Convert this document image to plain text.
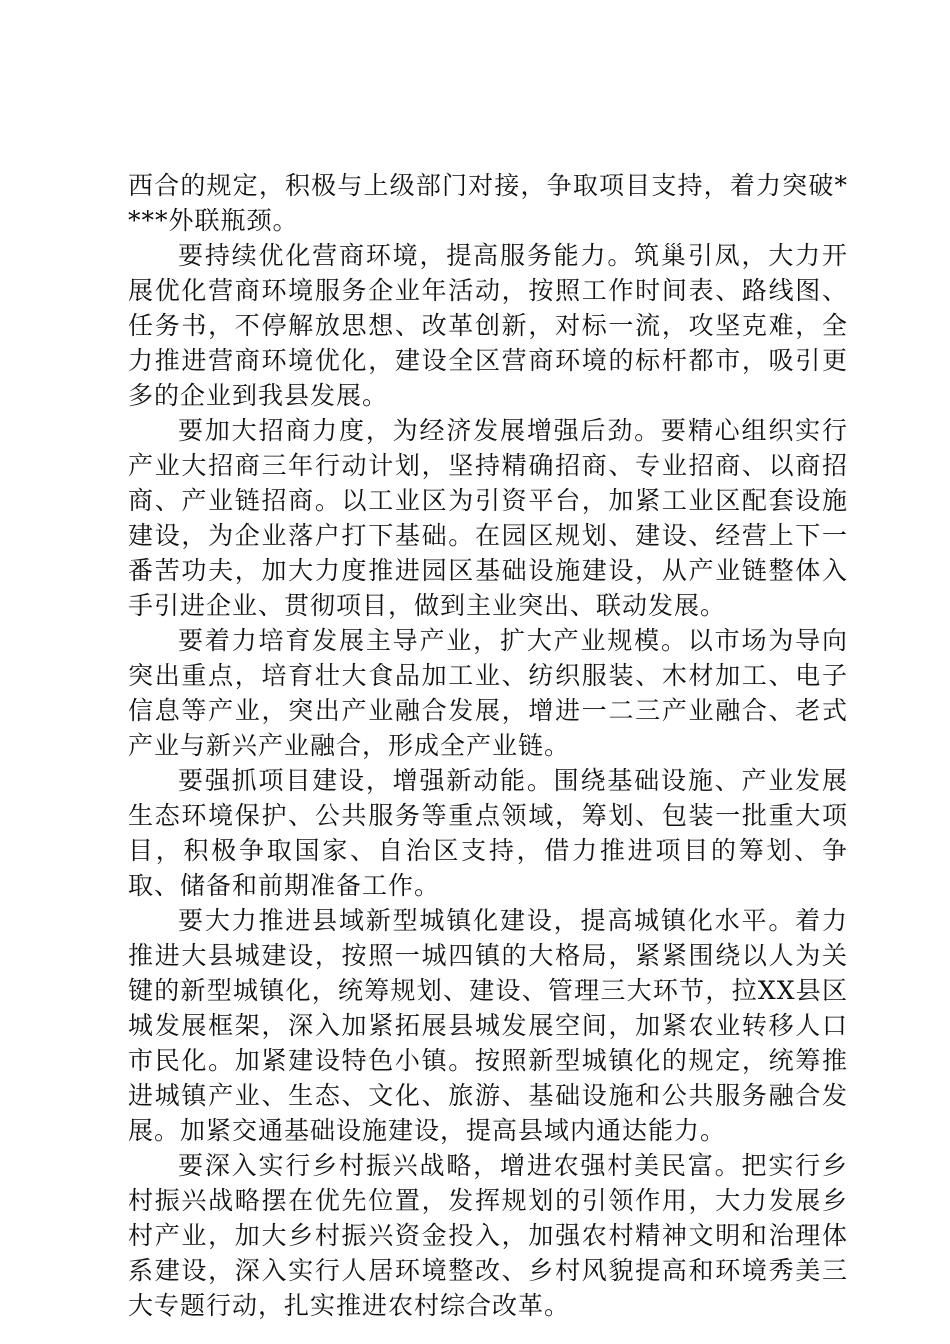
西合的规定，积极与上级部门对接，争取项目支持，着力突破****外联瓶颈。

要持续优化营商环境，提高服务能力。筑巢引凤，大力开展优化营商环境服务企业年活动，按照工作时间表、路线图、任务书，不停解放思想、改革创新，对标一流，攻坚克难，全力推进营商环境优化，建设全区营商环境的标杆都市，吸引更多的企业到我县发展。

要加大招商力度，为经济发展增强后劲。要精心组织实行产业大招商三年行动计划，坚持精确招商、专业招商、以商招商、产业链招商。以工业区为引资平台，加紧工业区配套设施建设，为企业落户打下基础。在园区规划、建设、经营上下一番苦功夫，加大力度推进园区基础设施建设，从产业链整体入手引进企业、贯彻项目，做到主业突出、联动发展。

要着力培育发展主导产业，扩大产业规模。以市场为导向突出重点，培育壮大食品加工业、纺织服装、木材加工、电子信息等产业，突出产业融合发展，增进一二三产业融合、老式产业与新兴产业融合，形成全产业链。

要强抓项目建设，增强新动能。围绕基础设施、产业发展生态环境保护、公共服务等重点领域，筹划、包装一批重大项目，积极争取国家、自治区支持，借力推进项目的筹划、争取、储备和前期准备工作。

要大力推进县域新型城镇化建设，提高城镇化水平。着力推进大县城建设，按照一城四镇的大格局，紧紧围绕以人为关键的新型城镇化，统筹规划、建设、管理三大环节，拉XX县区城发展框架，深入加紧拓展县城发展空间，加紧农业转移人口市民化。加紧建设特色小镇。按照新型城镇化的规定，统筹推进城镇产业、生态、文化、旅游、基础设施和公共服务融合发展。加紧交通基础设施建设，提高县域内通达能力。

要深入实行乡村振兴战略，增进农强村美民富。把实行乡村振兴战略摆在优先位置，发挥规划的引领作用，大力发展乡村产业，加大乡村振兴资金投入，加强农村精神文明和治理体系建设，深入实行人居环境整改、乡村风貌提高和环境秀美三大专题行动，扎实推进农村综合改革。
